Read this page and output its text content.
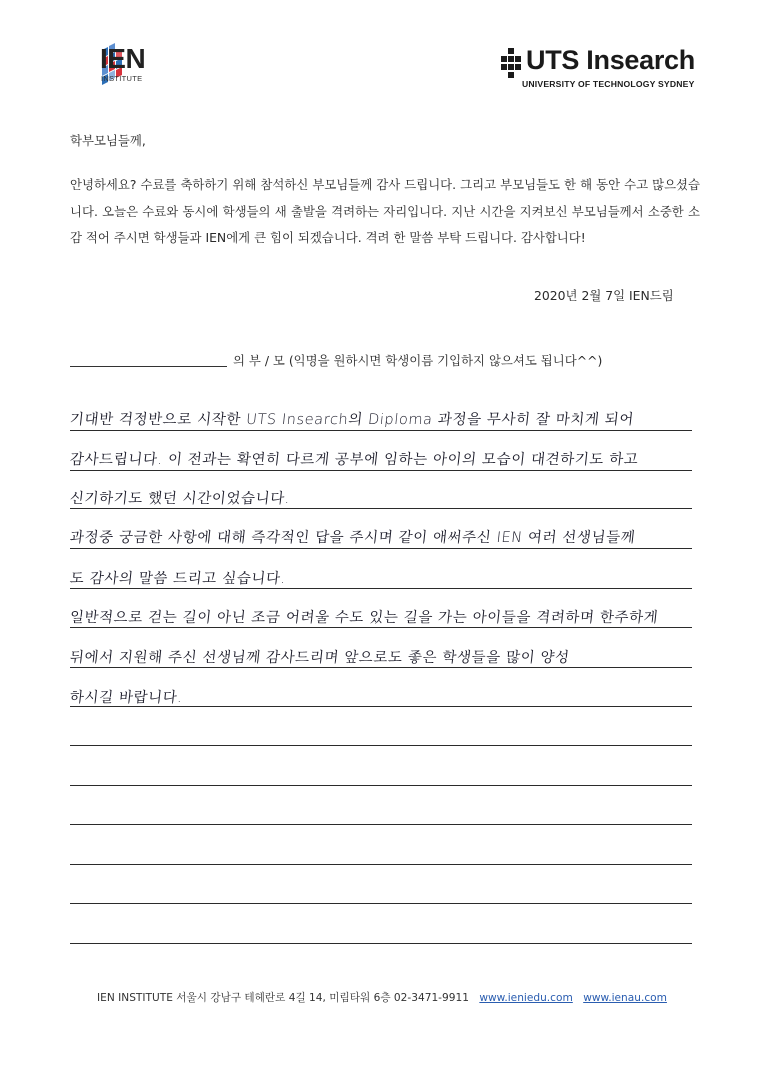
IEN
INSTITUTE
UTS Insearch
UNIVERSITY OF TECHNOLOGY SYDNEY
학부모님들께,
안녕하세요? 수료를 축하하기 위해 참석하신 부모님들께 감사 드립니다. 그리고 부모님들도 한 해 동안 수고 많으셨습니다. 오늘은 수료와 동시에 학생들의 새 출발을 격려하는 자리입니다. 지난 시간을 지켜보신 부모님들께서 소중한 소감 적어 주시면 학생들과 IEN에게 큰 힘이 되겠습니다. 격려 한 말씀 부탁 드립니다. 감사합니다!
2020년 2월 7일 IEN드림
의 부 / 모 (익명을 원하시면 학생이름 기입하지 않으셔도 됩니다^^)
기대반 걱정반으로 시작한 UTS Insearch의 Diploma 과정을 무사히 잘 마치게 되어
감사드립니다. 이 전과는 확연히 다르게 공부에 임하는 아이의 모습이 대견하기도 하고
신기하기도 했던 시간이었습니다.
과정중 궁금한 사항에 대해 즉각적인 답을 주시며 같이 애써주신 IEN 여러 선생님들께
도 감사의 말씀 드리고 싶습니다.
일반적으로 걷는 길이 아닌 조금 어려울 수도 있는 길을 가는 아이들을 격려하며 한주하게
뒤에서 지원해 주신 선생님께 감사드리며 앞으로도 좋은 학생들을 많이 양성
하시길 바랍니다.
IEN INSTITUTE 서울시 강남구 테헤란로 4길 14, 미림타워 6층 02-3471-9911 www.ieniedu.com www.ienau.com
